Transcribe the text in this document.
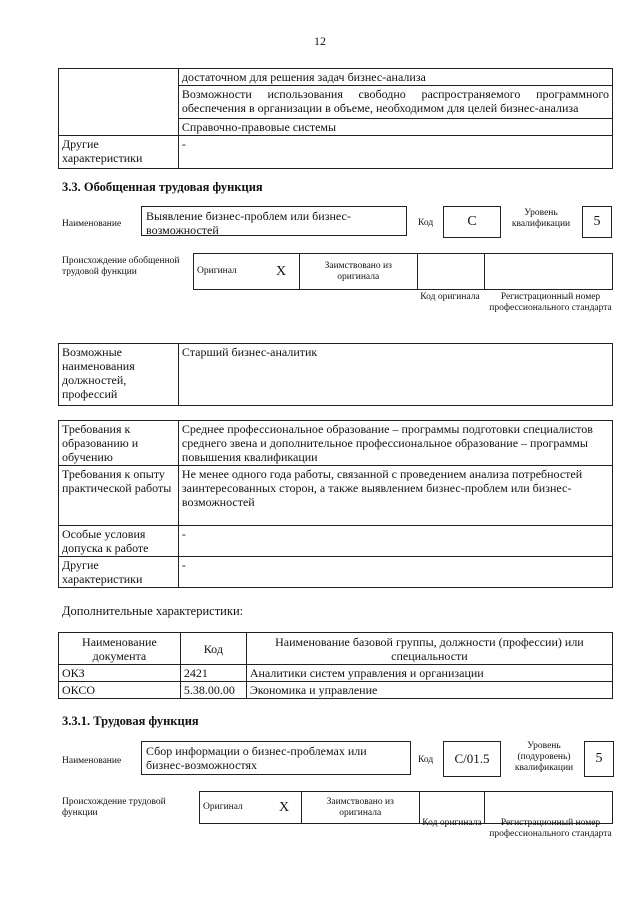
12
	достаточном для решения задач бизнес-анализа
	Возможности использования свободно распространяемого программного обеспечения в организации в объеме, необходимом для целей бизнес-анализа
	Справочно-правовые системы
Другие характеристики	-
3.3. Обобщенная трудовая функция
Наименование
Выявление бизнес-проблем или бизнес-возможностей	Код	C
Уровень квалификации	5
Происхождение обобщенной трудовой функции	Оригинал	X	Заимствовано из оригинала		
Код оригинала	Регистрационный номер профессионального стандарта
Возможные наименования должностей, профессий	Старший бизнес-аналитик
Требования к образованию и обучению	Среднее профессиональное образование – программы подготовки специалистов среднего звена и дополнительное профессиональное образование – программы повышения квалификации
Требования к опыту практической работы	Не менее одного года работы, связанной с проведением анализа потребностей заинтересованных сторон, а также выявлением бизнес-проблем или бизнес-возможностей
Особые условия допуска к работе	-
Другие характеристики	-
Дополнительные характеристики:
Наименование документа	Код	Наименование базовой группы, должности (профессии) или специальности
ОКЗ	2421	Аналитики систем управления и организации
ОКСО	5.38.00.00	Экономика и управление
3.3.1. Трудовая функция
Наименование
Сбор информации о бизнес-проблемах или бизнес-возможностях	Код	C/01.5
Уровень (подуровень) квалификации
5
Происхождение трудовой функции
Оригинал	X	Заимствовано из оригинала		
Код оригинала	Регистрационный номер профессионального стандарта
